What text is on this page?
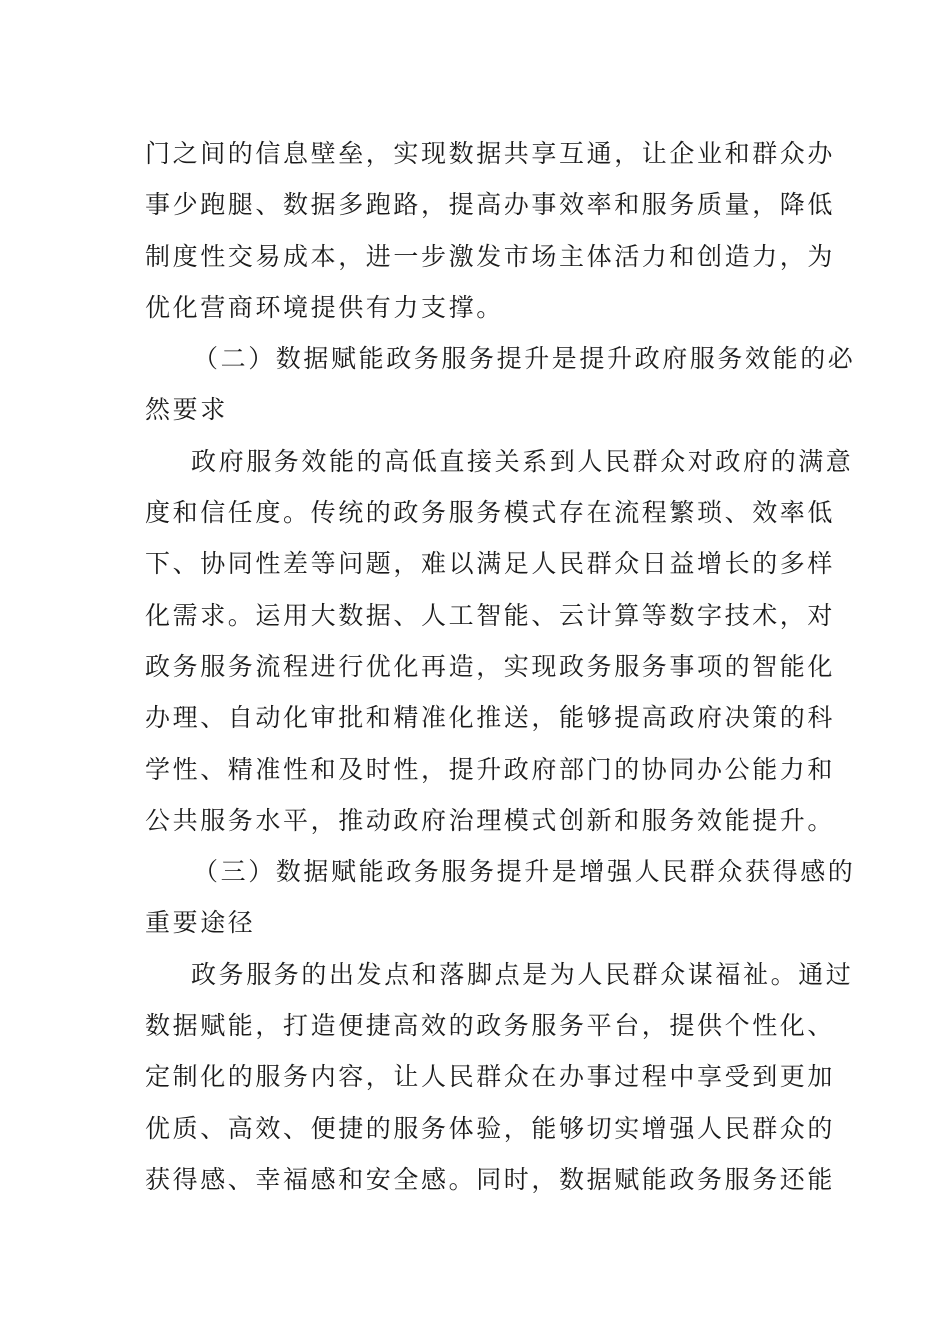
门之间的信息壁垒，实现数据共享互通，让企业和群众办
事少跑腿、数据多跑路，提高办事效率和服务质量，降低
制度性交易成本，进一步激发市场主体活力和创造力，为
优化营商环境提供有力支撑。
（二）数据赋能政务服务提升是提升政府服务效能的必
然要求
政府服务效能的高低直接关系到人民群众对政府的满意
度和信任度。传统的政务服务模式存在流程繁琐、效率低
下、协同性差等问题，难以满足人民群众日益增长的多样
化需求。运用大数据、人工智能、云计算等数字技术，对
政务服务流程进行优化再造，实现政务服务事项的智能化
办理、自动化审批和精准化推送，能够提高政府决策的科
学性、精准性和及时性，提升政府部门的协同办公能力和
公共服务水平，推动政府治理模式创新和服务效能提升。
（三）数据赋能政务服务提升是增强人民群众获得感的
重要途径
政务服务的出发点和落脚点是为人民群众谋福祉。通过
数据赋能，打造便捷高效的政务服务平台，提供个性化、
定制化的服务内容，让人民群众在办事过程中享受到更加
优质、高效、便捷的服务体验，能够切实增强人民群众的
获得感、幸福感和安全感。同时，数据赋能政务服务还能
